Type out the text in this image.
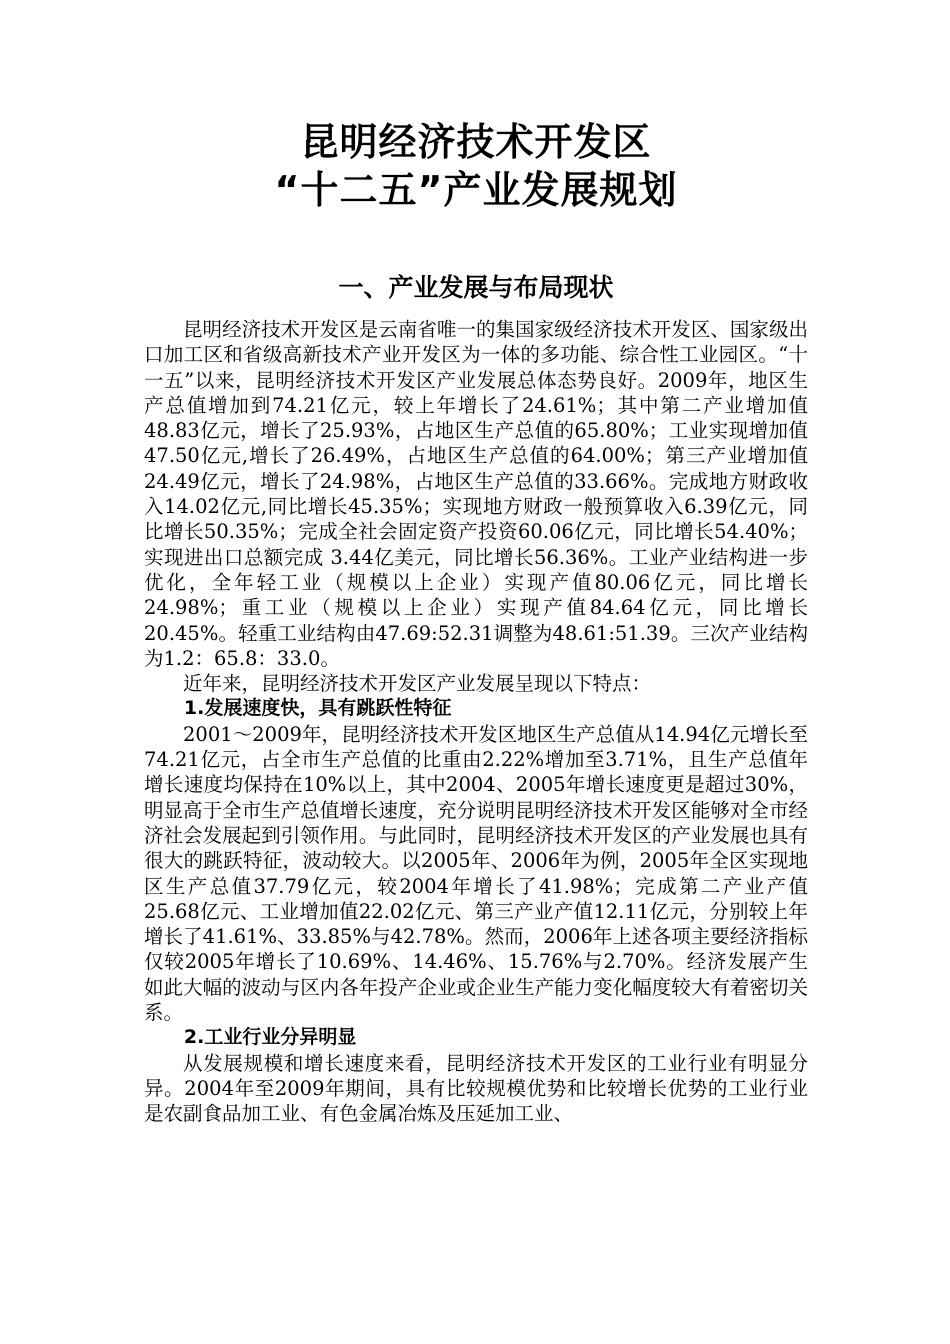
昆明经济技术开发区
“十二五”产业发展规划
一、产业发展与布局现状

昆明经济技术开发区是云南省唯一的集国家级经济技术开发区、国家级出口加工区和省级高新技术产业开发区为一体的多功能、综合性工业园区。“十一五”以来，昆明经济技术开发区产业发展总体态势良好。2009年，地区生产总值增加到74.21亿元，较上年增长了24.61%；其中第二产业增加值48.83亿元，增长了25.93%，占地区生产总值的65.80%；工业实现增加值47.50亿元,增长了26.49%，占地区生产总值的64.00%；第三产业增加值24.49亿元，增长了24.98%，占地区生产总值的33.66%。完成地方财政收入14.02亿元,同比增长45.35%；实现地方财政一般预算收入6.39亿元，同比增长50.35%；完成全社会固定资产投资60.06亿元，同比增长54.40%；实现进出口总额完成 3.44亿美元，同比增长56.36%。工业产业结构进一步优化，全年轻工业（规模以上企业）实现产值80.06亿元，同比增长24.98%；重工业（规模以上企业）实现产值84.64亿元，同比增长20.45%。轻重工业结构由47.69:52.31调整为48.61:51.39。三次产业结构为1.2：65.8：33.0。

近年来，昆明经济技术开发区产业发展呈现以下特点：

1.发展速度快，具有跳跃性特征

2001～2009年，昆明经济技术开发区地区生产总值从14.94亿元增长至74.21亿元，占全市生产总值的比重由2.22%增加至3.71%，且生产总值年增长速度均保持在10%以上，其中2004、2005年增长速度更是超过30%，明显高于全市生产总值增长速度，充分说明昆明经济技术开发区能够对全市经济社会发展起到引领作用。与此同时，昆明经济技术开发区的产业发展也具有很大的跳跃特征，波动较大。以2005年、2006年为例，2005年全区实现地区生产总值37.79亿元，较2004年增长了41.98%；完成第二产业产值25.68亿元、工业增加值22.02亿元、第三产业产值12.11亿元，分别较上年增长了41.61%、33.85%与42.78%。然而，2006年上述各项主要经济指标仅较2005年增长了10.69%、14.46%、15.76%与2.70%。经济发展产生如此大幅的波动与区内各年投产企业或企业生产能力变化幅度较大有着密切关系。

2.工业行业分异明显

从发展规模和增长速度来看，昆明经济技术开发区的工业行业有明显分异。2004年至2009年期间，具有比较规模优势和比较增长优势的工业行业是农副食品加工业、有色金属冶炼及压延加工业、
